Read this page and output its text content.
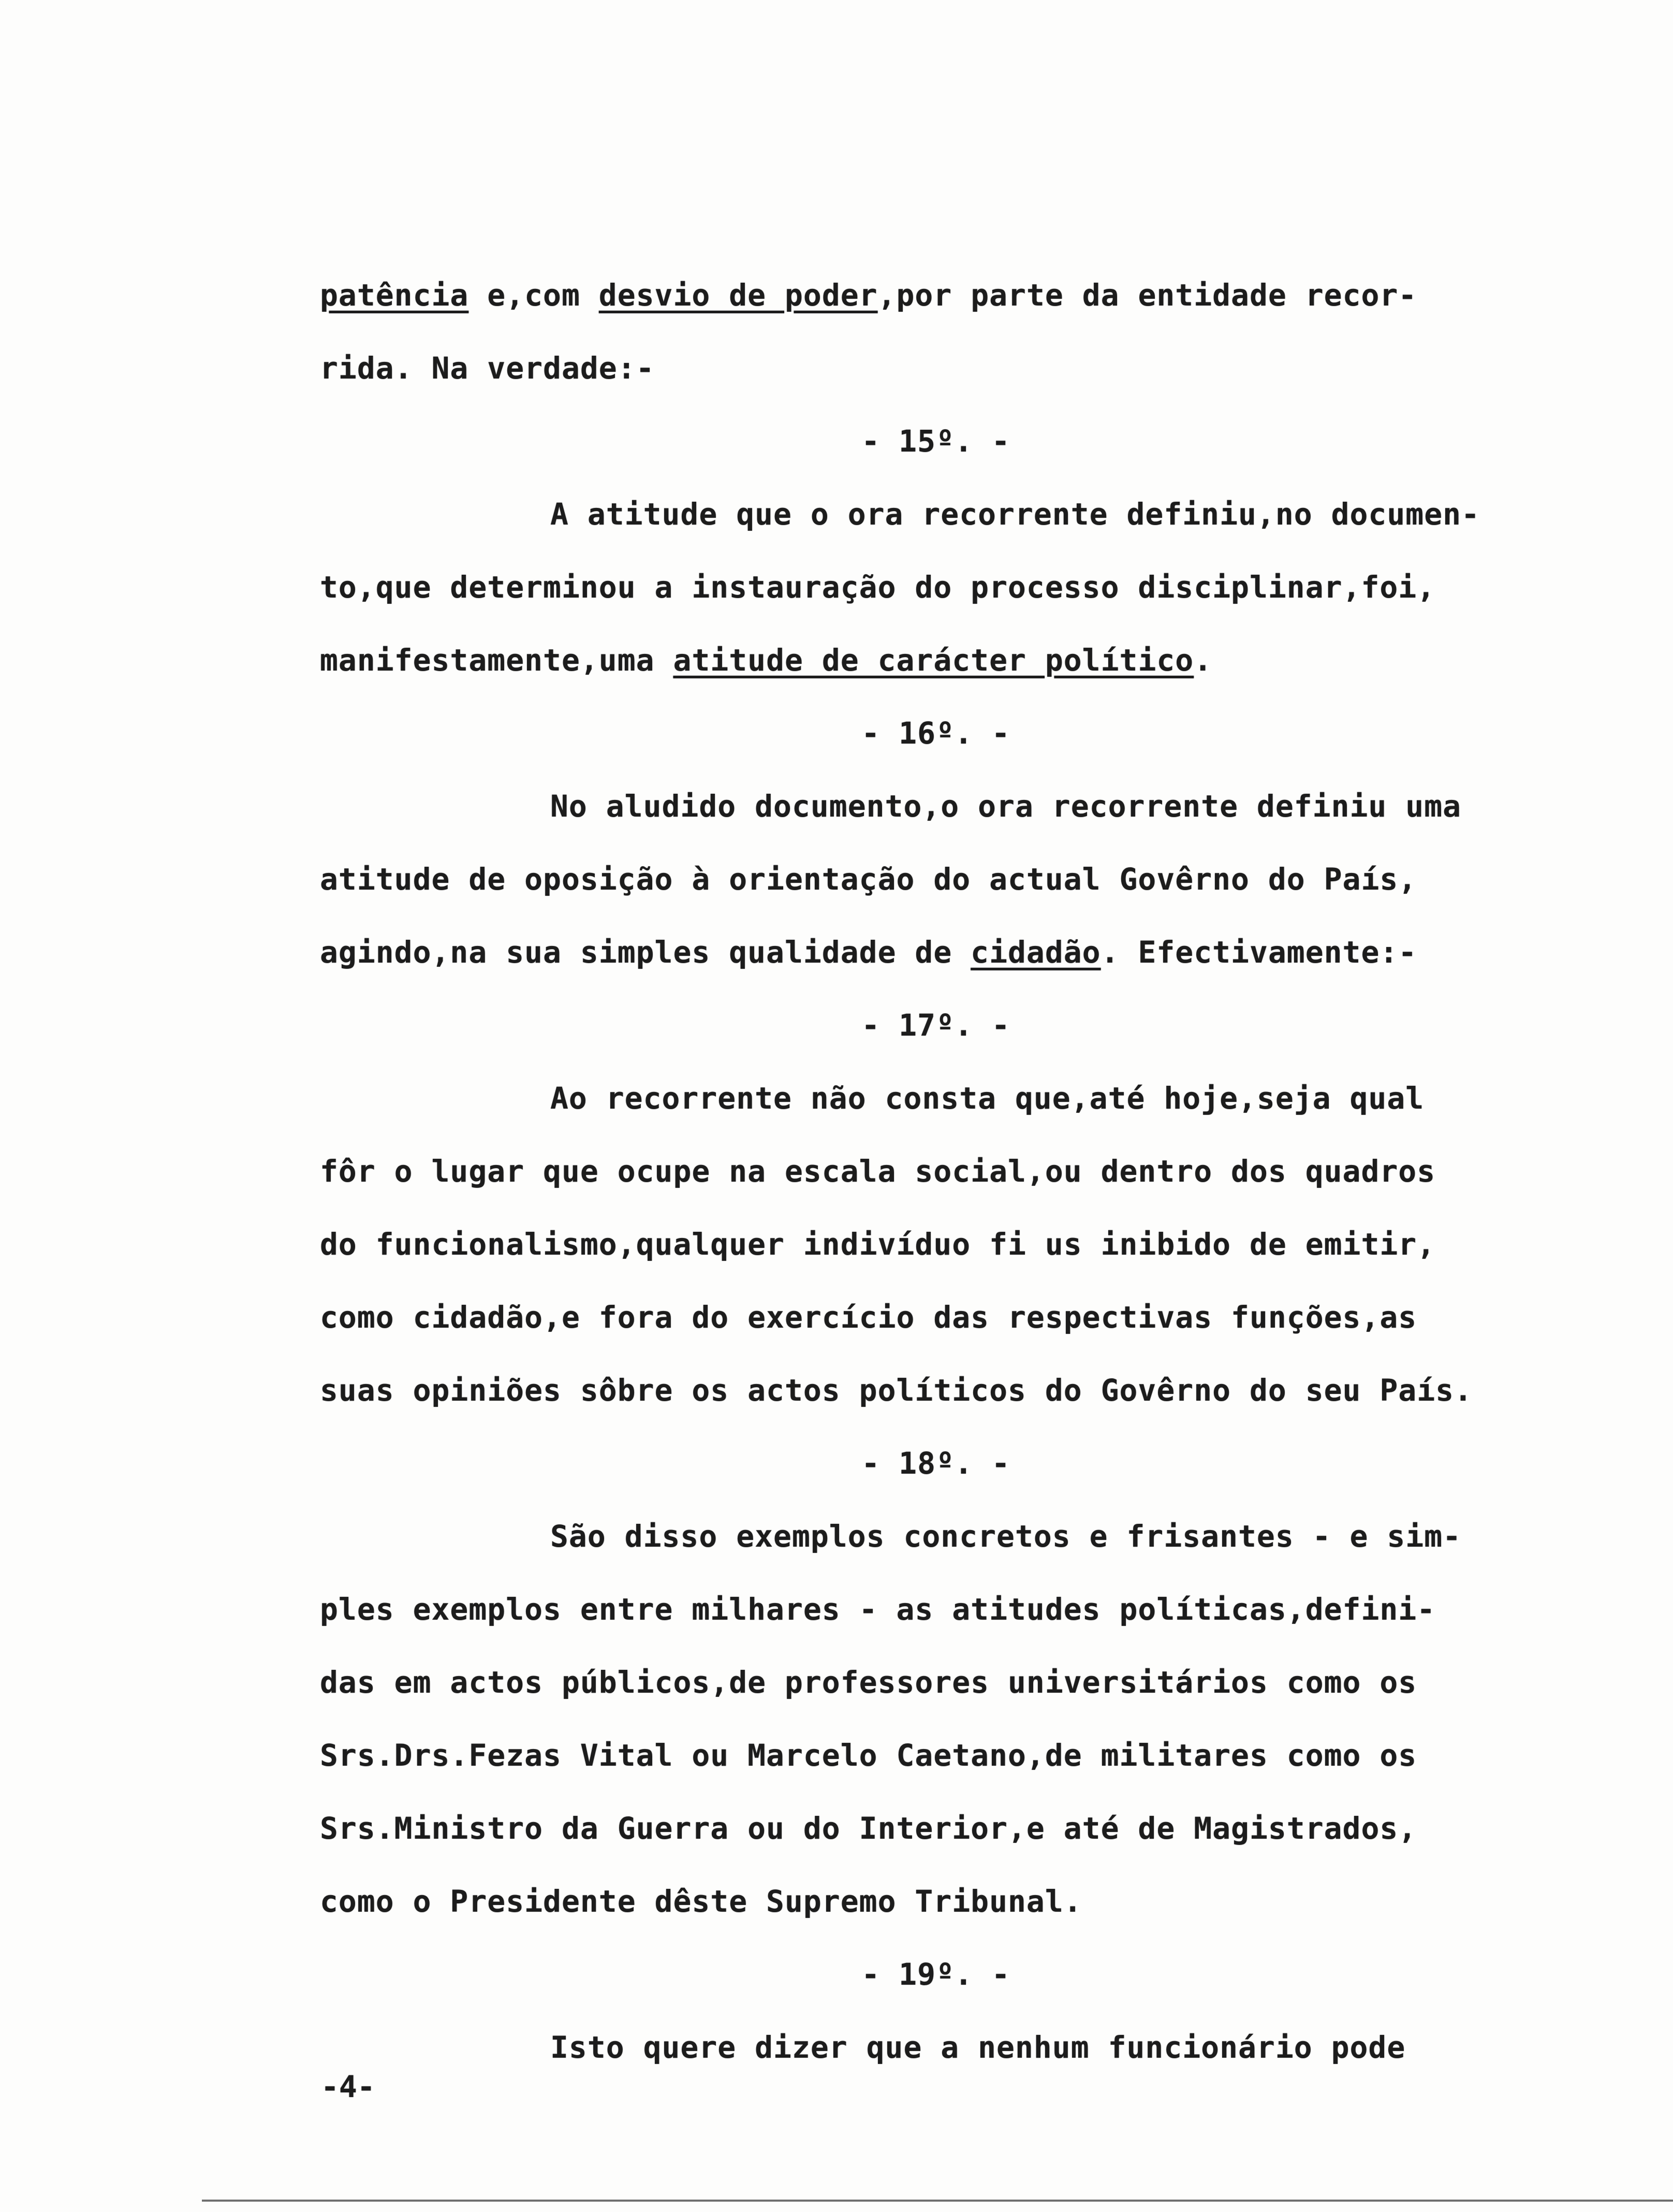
patência e,com desvio de poder,por parte da entidade recor-
rida. Na verdade:-
- 15º. -
A atitude que o ora recorrente definiu,no documen-
to,que determinou a instauração do processo disciplinar,foi,
manifestamente,uma atitude de carácter político.
- 16º. -
No aludido documento,o ora recorrente definiu uma
atitude de oposição à orientação do actual Govêrno do País,
agindo,na sua simples qualidade de cidadão. Efectivamente:-
- 17º. -
Ao recorrente não consta que,até hoje,seja qual
fôr o lugar que ocupe na escala social,ou dentro dos quadros
do funcionalismo,qualquer indivíduo fi us inibido de emitir,
como cidadão,e fora do exercício das respectivas funções,as
suas opiniões sôbre os actos políticos do Govêrno do seu País.
- 18º. -
São disso exemplos concretos e frisantes - e sim-
ples exemplos entre milhares - as atitudes políticas,defini-
das em actos públicos,de professores universitários como os
Srs.Drs.Fezas Vital ou Marcelo Caetano,de militares como os
Srs.Ministro da Guerra ou do Interior,e até de Magistrados,
como o Presidente dêste Supremo Tribunal.
- 19º. -
Isto quere dizer que a nenhum funcionário pode
-4-
